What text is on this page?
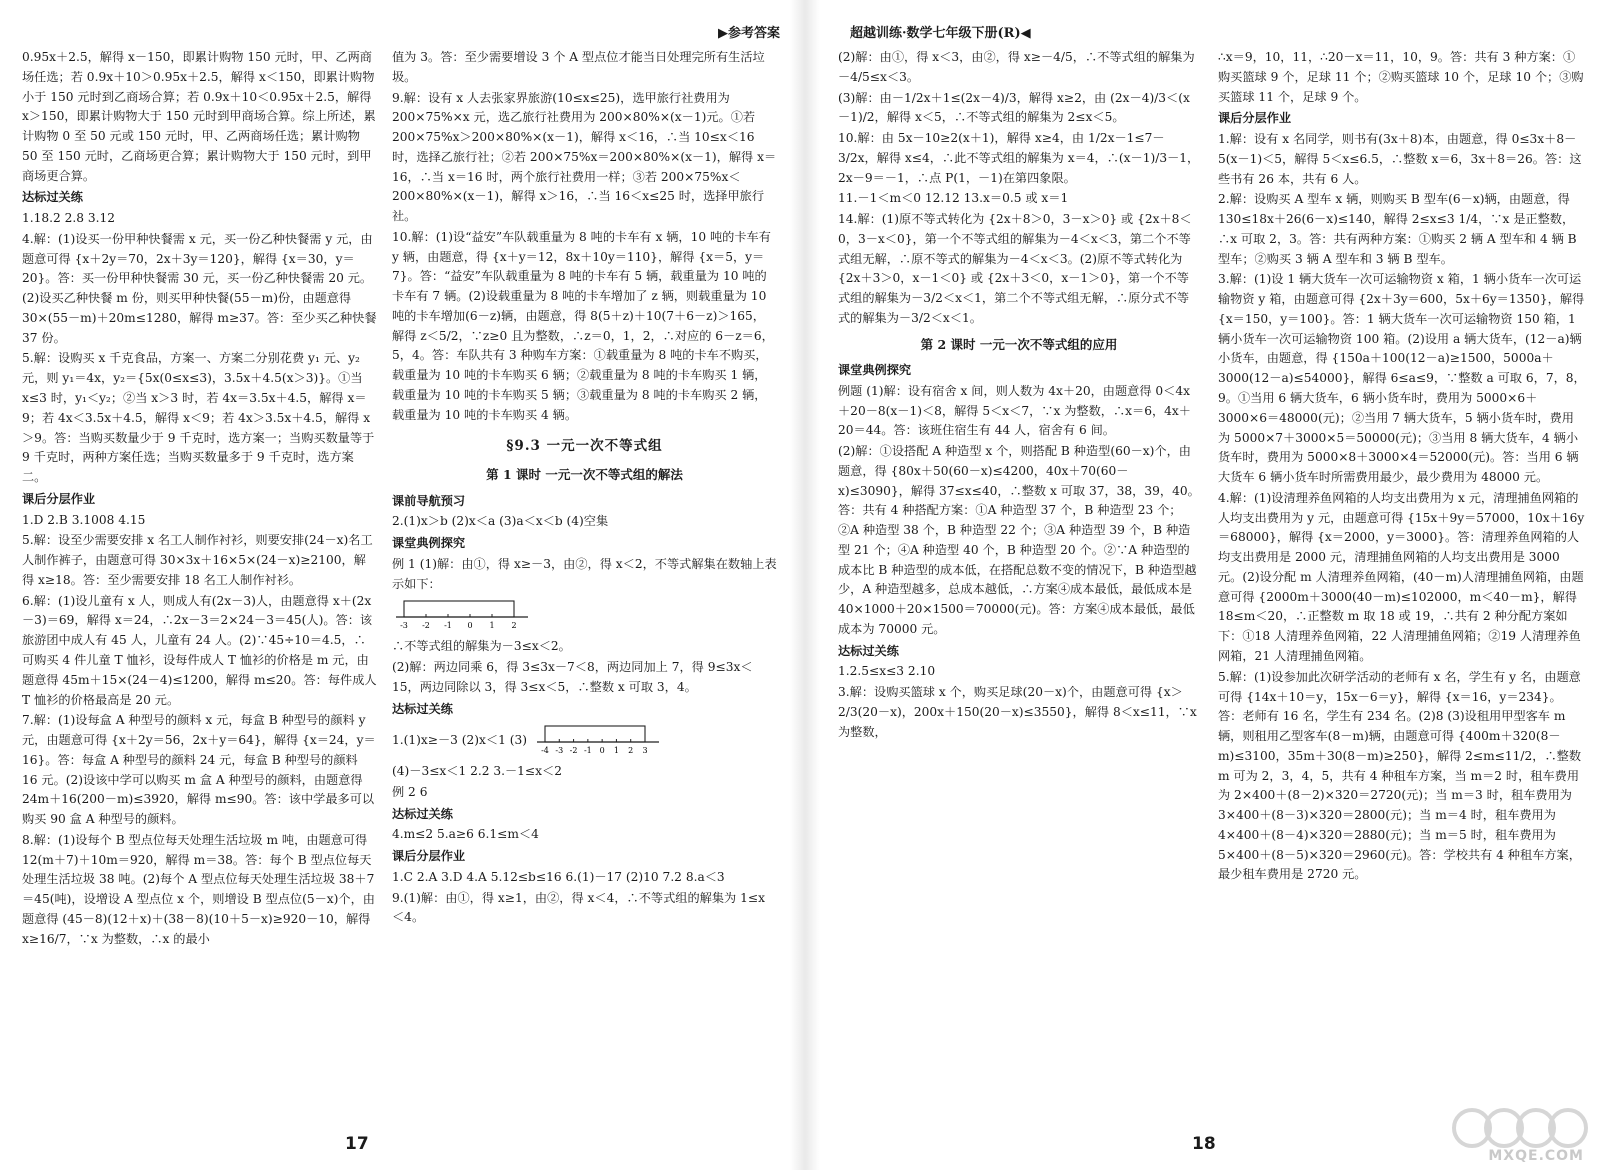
▶参考答案

0.95x＋2.5，解得 x－150，即累计购物 150 元时，甲、乙两商场任选；若 0.9x＋10＞0.95x＋2.5，解得 x＜150，即累计购物小于 150 元时到乙商场合算；若 0.9x＋10＜0.95x＋2.5，解得 x＞150，即累计购物大于 150 元时到甲商场合算。综上所述，累计购物 0 至 50 元或 150 元时，甲、乙两商场任选；累计购物 50 至 150 元时，乙商场更合算；累计购物大于 150 元时，到甲商场更合算。

达标过关练

1.18.2 2.8 3.12

4.解：(1)设买一份甲种快餐需 x 元，买一份乙种快餐需 y 元，由题意可得 {x＋2y＝70，2x＋3y＝120}，解得 {x＝30，y＝20}。答：买一份甲种快餐需 30 元，买一份乙种快餐需 20 元。(2)设买乙种快餐 m 份，则买甲种快餐(55－m)份，由题意得 30×(55－m)＋20m≤1280，解得 m≥37。答：至少买乙种快餐 37 份。

5.解：设购买 x 千克食品，方案一、方案二分别花费 y₁ 元、y₂ 元，则 y₁＝4x，y₂＝{5x(0≤x≤3)，3.5x＋4.5(x＞3)}。①当 x≤3 时，y₁＜y₂；②当 x＞3 时，若 4x＝3.5x＋4.5，解得 x＝9；若 4x＜3.5x＋4.5，解得 x＜9；若 4x＞3.5x＋4.5，解得 x＞9。答：当购买数量少于 9 千克时，选方案一；当购买数量等于 9 千克时，两种方案任选；当购买数量多于 9 千克时，选方案二。

课后分层作业

1.D 2.B 3.1008 4.15

5.解：设至少需要安排 x 名工人制作衬衫，则要安排(24－x)名工人制作裤子，由题意可得 30×3x＋16×5×(24－x)≥2100，解得 x≥18。答：至少需要安排 18 名工人制作衬衫。

6.解：(1)设儿童有 x 人，则成人有(2x－3)人，由题意得 x＋(2x－3)＝69，解得 x＝24，∴2x－3＝2×24－3＝45(人)。答：该旅游团中成人有 45 人，儿童有 24 人。(2)∵45÷10＝4.5，∴可购买 4 件儿童 T 恤衫，设每件成人 T 恤衫的价格是 m 元，由题意得 45m＋15×(24－4)≤1200，解得 m≤20。答：每件成人 T 恤衫的价格最高是 20 元。

7.解：(1)设每盒 A 种型号的颜料 x 元，每盒 B 种型号的颜料 y 元，由题意可得 {x＋2y＝56，2x＋y＝64}，解得 {x＝24，y＝16}。答：每盒 A 种型号的颜料 24 元，每盒 B 种型号的颜料 16 元。(2)设该中学可以购买 m 盒 A 种型号的颜料，由题意得 24m＋16(200－m)≤3920，解得 m≤90。答：该中学最多可以购买 90 盒 A 种型号的颜料。

8.解：(1)设每个 B 型点位每天处理生活垃圾 m 吨，由题意可得 12(m＋7)＋10m＝920，解得 m＝38。答：每个 B 型点位每天处理生活垃圾 38 吨。(2)每个 A 型点位每天处理生活垃圾 38＋7＝45(吨)，设增设 A 型点位 x 个，则增设 B 型点位(5－x)个，由题意得 (45－8)(12＋x)＋(38－8)(10＋5－x)≥920－10，解得 x≥16/7，∵x 为整数，∴x 的最小

值为 3。答：至少需要增设 3 个 A 型点位才能当日处理完所有生活垃圾。

9.解：设有 x 人去张家界旅游(10≤x≤25)，选甲旅行社费用为 200×75%×x 元，选乙旅行社费用为 200×80%×(x－1)元。①若 200×75%x＞200×80%×(x－1)，解得 x＜16，∴当 10≤x＜16 时，选择乙旅行社；②若 200×75%x＝200×80%×(x－1)，解得 x＝16，∴当 x＝16 时，两个旅行社费用一样；③若 200×75%x＜200×80%×(x－1)，解得 x＞16，∴当 16＜x≤25 时，选择甲旅行社。

10.解：(1)设“益安”车队载重量为 8 吨的卡车有 x 辆，10 吨的卡车有 y 辆，由题意，得 {x＋y＝12，8x＋10y＝110}，解得 {x＝5，y＝7}。答：“益安”车队载重量为 8 吨的卡车有 5 辆，载重量为 10 吨的卡车有 7 辆。(2)设载重量为 8 吨的卡车增加了 z 辆，则载重量为 10 吨的卡车增加(6－z)辆，由题意，得 8(5＋z)＋10(7＋6－z)＞165，解得 z＜5/2，∵z≥0 且为整数，∴z＝0，1，2，∴对应的 6－z＝6，5，4。答：车队共有 3 种购车方案：①载重量为 8 吨的卡车不购买，载重量为 10 吨的卡车购买 6 辆；②载重量为 8 吨的卡车购买 1 辆，载重量为 10 吨的卡车购买 5 辆；③载重量为 8 吨的卡车购买 2 辆，载重量为 10 吨的卡车购买 4 辆。

§9.3 一元一次不等式组

第 1 课时 一元一次不等式组的解法

课前导航预习

2.(1)x＞b (2)x＜a (3)a＜x＜b (4)空集

课堂典例探究

例 1 (1)解：由①，得 x≥－3，由②，得 x＜2，不等式解集在数轴上表示如下：

-3 -2 -1 0 1 2

∴不等式组的解集为－3≤x＜2。

(2)解：两边同乘 6，得 3≤3x－7＜8，两边同加上 7，得 9≤3x＜15，两边同除以 3，得 3≤x＜5，∴整数 x 可取 3，4。

达标过关练

1.(1)x≥－3 (2)x＜1 (3)
-4 -3 -2 -1 0 1 2 3

(4)－3≤x＜1 2.2 3.－1≤x＜2

例 2 6

达标过关练

4.m≤2 5.a≥6 6.1≤m＜4

课后分层作业

1.C 2.A 3.D 4.A 5.12≤b≤16 6.(1)－17 (2)10 7.2 8.a＜3

9.(1)解：由①，得 x≥1，由②，得 x＜4，∴不等式组的解集为 1≤x＜4。

17
超越训练·数学七年级下册(R)◀

(2)解：由①，得 x＜3，由②，得 x≥－4/5，∴不等式组的解集为－4/5≤x＜3。

(3)解：由－1/2x＋1≤(2x－4)/3，解得 x≥2，由 (2x－4)/3＜(x－1)/2，解得 x＜5，∴不等式组的解集为 2≤x＜5。

10.解：由 5x－10≥2(x＋1)，解得 x≥4，由 1/2x－1≤7－3/2x，解得 x≤4，∴此不等式组的解集为 x＝4，∴(x－1)/3－1，2x－9＝－1，∴点 P(1，－1)在第四象限。

11.－1＜m＜0 12.12 13.x＝0.5 或 x＝1

14.解：(1)原不等式转化为 {2x＋8＞0，3－x＞0} 或 {2x＋8＜0，3－x＜0}，第一个不等式组的解集为－4＜x＜3，第二个不等式组无解，∴原不等式的解集为－4＜x＜3。(2)原不等式转化为 {2x＋3＞0，x－1＜0} 或 {2x＋3＜0，x－1＞0}，第一个不等式组的解集为－3/2＜x＜1，第二个不等式组无解，∴原分式不等式的解集为－3/2＜x＜1。

第 2 课时 一元一次不等式组的应用

课堂典例探究

例题 (1)解：设有宿舍 x 间，则人数为 4x＋20，由题意得 0＜4x＋20－8(x－1)＜8，解得 5＜x＜7，∵x 为整数，∴x＝6，4x＋20＝44。答：该班住宿生有 44 人，宿舍有 6 间。

(2)解：①设搭配 A 种造型 x 个，则搭配 B 种造型(60－x)个，由题意，得 {80x＋50(60－x)≤4200，40x＋70(60－x)≤3090}，解得 37≤x≤40，∴整数 x 可取 37，38，39，40。答：共有 4 种搭配方案：①A 种造型 37 个，B 种造型 23 个；②A 种造型 38 个，B 种造型 22 个；③A 种造型 39 个，B 种造型 21 个；④A 种造型 40 个，B 种造型 20 个。②∵A 种造型的成本比 B 种造型的成本低，在搭配总数不变的情况下，B 种造型越少，A 种造型越多，总成本越低，∴方案④成本最低，最低成本是 40×1000＋20×1500＝70000(元)。答：方案④成本最低，最低成本为 70000 元。

达标过关练

1.2.5≤x≤3 2.10

3.解：设购买篮球 x 个，购买足球(20－x)个，由题意可得 {x＞2/3(20－x)，200x＋150(20－x)≤3550}，解得 8＜x≤11，∵x 为整数，

∴x＝9，10，11，∴20－x＝11，10，9。答：共有 3 种方案：①购买篮球 9 个，足球 11 个；②购买篮球 10 个，足球 10 个；③购买篮球 11 个，足球 9 个。

课后分层作业

1.解：设有 x 名同学，则书有(3x＋8)本，由题意，得 0≤3x＋8－5(x－1)＜5，解得 5＜x≤6.5，∴整数 x＝6，3x＋8＝26。答：这些书有 26 本，共有 6 人。

2.解：设购买 A 型车 x 辆，则购买 B 型车(6－x)辆，由题意，得 130≤18x＋26(6－x)≤140，解得 2≤x≤3 1/4，∵x 是正整数，∴x 可取 2，3。答：共有两种方案：①购买 2 辆 A 型车和 4 辆 B 型车；②购买 3 辆 A 型车和 3 辆 B 型车。

3.解：(1)设 1 辆大货车一次可运输物资 x 箱，1 辆小货车一次可运输物资 y 箱，由题意可得 {2x＋3y＝600，5x＋6y＝1350}，解得 {x＝150，y＝100}。答：1 辆大货车一次可运输物资 150 箱，1 辆小货车一次可运输物资 100 箱。(2)设用 a 辆大货车，(12－a)辆小货车，由题意，得 {150a＋100(12－a)≥1500，5000a＋3000(12－a)≤54000}，解得 6≤a≤9，∵整数 a 可取 6，7，8，9。①当用 6 辆大货车，6 辆小货车时，费用为 5000×6＋3000×6＝48000(元)；②当用 7 辆大货车，5 辆小货车时，费用为 5000×7＋3000×5＝50000(元)；③当用 8 辆大货车，4 辆小货车时，费用为 5000×8＋3000×4＝52000(元)。答：当用 6 辆大货车 6 辆小货车时所需费用最少，最少费用为 48000 元。

4.解：(1)设清理养鱼网箱的人均支出费用为 x 元，清理捕鱼网箱的人均支出费用为 y 元，由题意可得 {15x＋9y＝57000，10x＋16y＝68000}，解得 {x＝2000，y＝3000}。答：清理养鱼网箱的人均支出费用是 2000 元，清理捕鱼网箱的人均支出费用是 3000 元。(2)设分配 m 人清理养鱼网箱，(40－m)人清理捕鱼网箱，由题意可得 {2000m＋3000(40－m)≤102000，m＜40－m}，解得 18≤m＜20，∴正整数 m 取 18 或 19，∴共有 2 种分配方案如下：①18 人清理养鱼网箱，22 人清理捕鱼网箱；②19 人清理养鱼网箱，21 人清理捕鱼网箱。

5.解：(1)设参加此次研学活动的老师有 x 名，学生有 y 名，由题意可得 {14x＋10＝y，15x－6＝y}，解得 {x＝16，y＝234}。答：老师有 16 名，学生有 234 名。(2)8 (3)设租用甲型客车 m 辆，则租用乙型客车(8－m)辆，由题意可得 {400m＋320(8－m)≤3100，35m＋30(8－m)≥250}，解得 2≤m≤11/2，∴整数 m 可为 2，3，4，5，共有 4 种租车方案，当 m＝2 时，租车费用为 2×400＋(8－2)×320＝2720(元)；当 m＝3 时，租车费用为 3×400＋(8－3)×320＝2800(元)；当 m＝4 时，租车费用为 4×400＋(8－4)×320＝2880(元)；当 m＝5 时，租车费用为 5×400＋(8－5)×320＝2960(元)。答：学校共有 4 种租车方案，最少租车费用是 2720 元。

18
MXQE.COM
